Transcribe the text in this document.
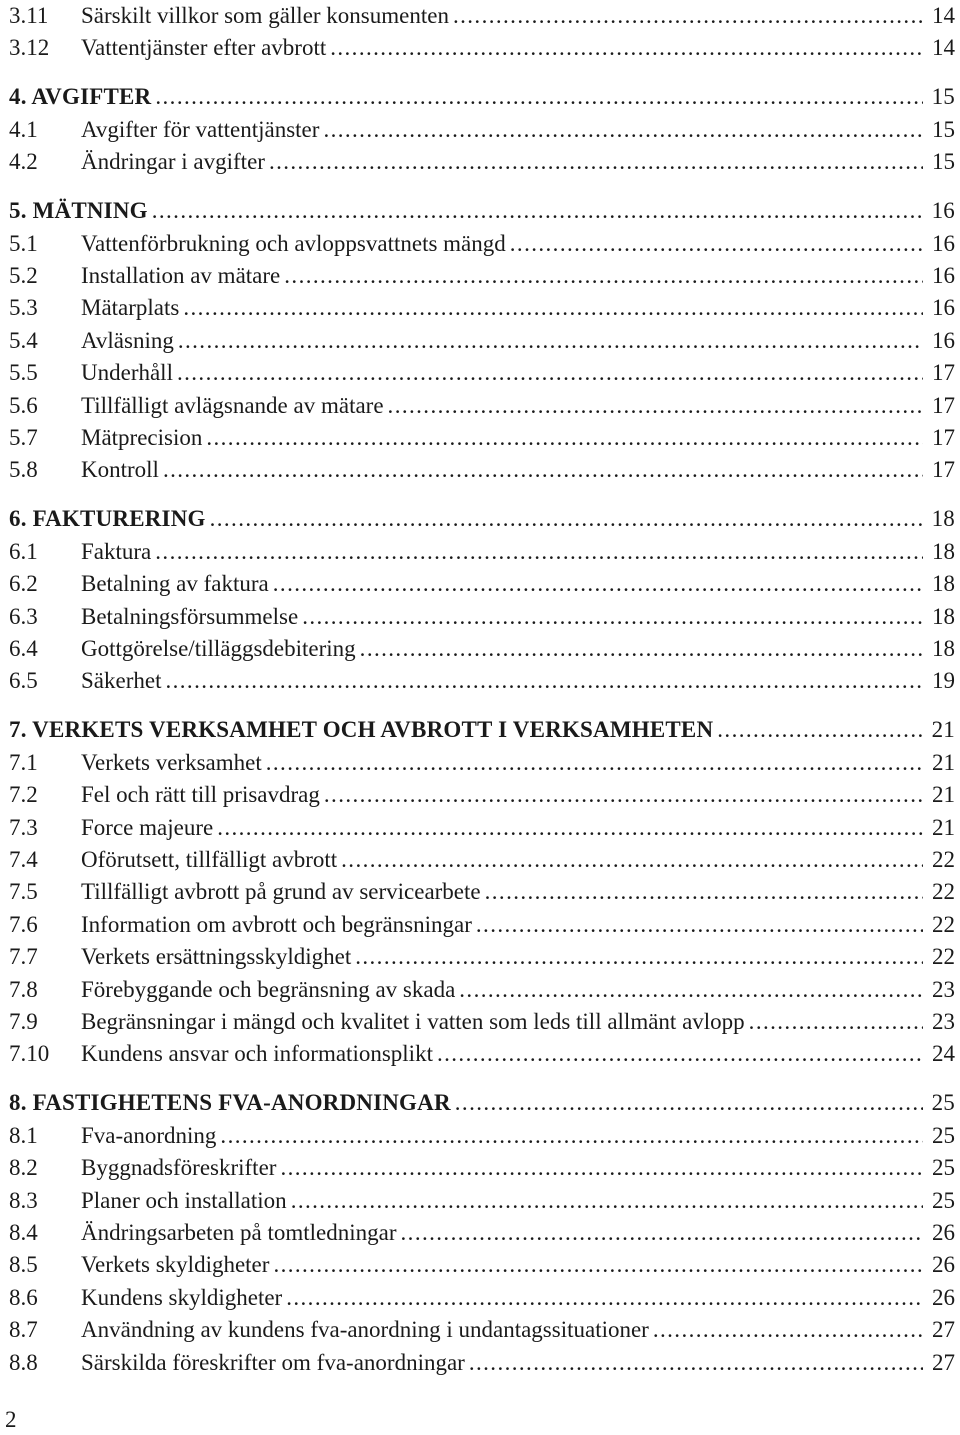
3.11 Särskilt villkor som gäller konsumenten .....	14
3.12 Vattentjänster efter avbrott .....	14
4. AVGIFTER .....	15
4.1 Avgifter för vattentjänster .....	15
4.2 Ändringar i avgifter .....	15
5. MÄTNING .....	16
5.1 Vattenförbrukning och avloppsvattnets mängd .....	16
5.2 Installation av mätare .....	16
5.3 Mätarplats .....	16
5.4 Avläsning .....	16
5.5 Underhåll .....	17
5.6 Tillfälligt avlägsnande av mätare .....	17
5.7 Mätprecision .....	17
5.8 Kontroll .....	17
6. FAKTURERING .....	18
6.1 Faktura .....	18
6.2 Betalning av faktura .....	18
6.3 Betalningsförsummelse .....	18
6.4 Gottgörelse/tilläggsdebitering .....	18
6.5 Säkerhet .....	19
7. VERKETS VERKSAMHET OCH AVBROTT I VERKSAMHETEN .....	21
7.1 Verkets verksamhet .....	21
7.2 Fel och rätt till prisavdrag .....	21
7.3 Force majeure .....	21
7.4 Oförutsett, tillfälligt avbrott .....	22
7.5 Tillfälligt avbrott på grund av servicearbete .....	22
7.6 Information om avbrott och begränsningar .....	22
7.7 Verkets ersättningsskyldighet .....	22
7.8 Förebyggande och begränsning av skada .....	23
7.9 Begränsningar i mängd och kvalitet i vatten som leds till allmänt avlopp .....	23
7.10 Kundens ansvar och informationsplikt .....	24
8. FASTIGHETENS FVA-ANORDNINGAR .....	25
8.1 Fva-anordning .....	25
8.2 Byggnadsföreskrifter .....	25
8.3 Planer och installation .....	25
8.4 Ändringsarbeten på tomtledningar .....	26
8.5 Verkets skyldigheter .....	26
8.6 Kundens skyldigheter .....	26
8.7 Användning av kundens fva-anordning i undantagssituationer .....	27
8.8 Särskilda föreskrifter om fva-anordningar .....	27
2
